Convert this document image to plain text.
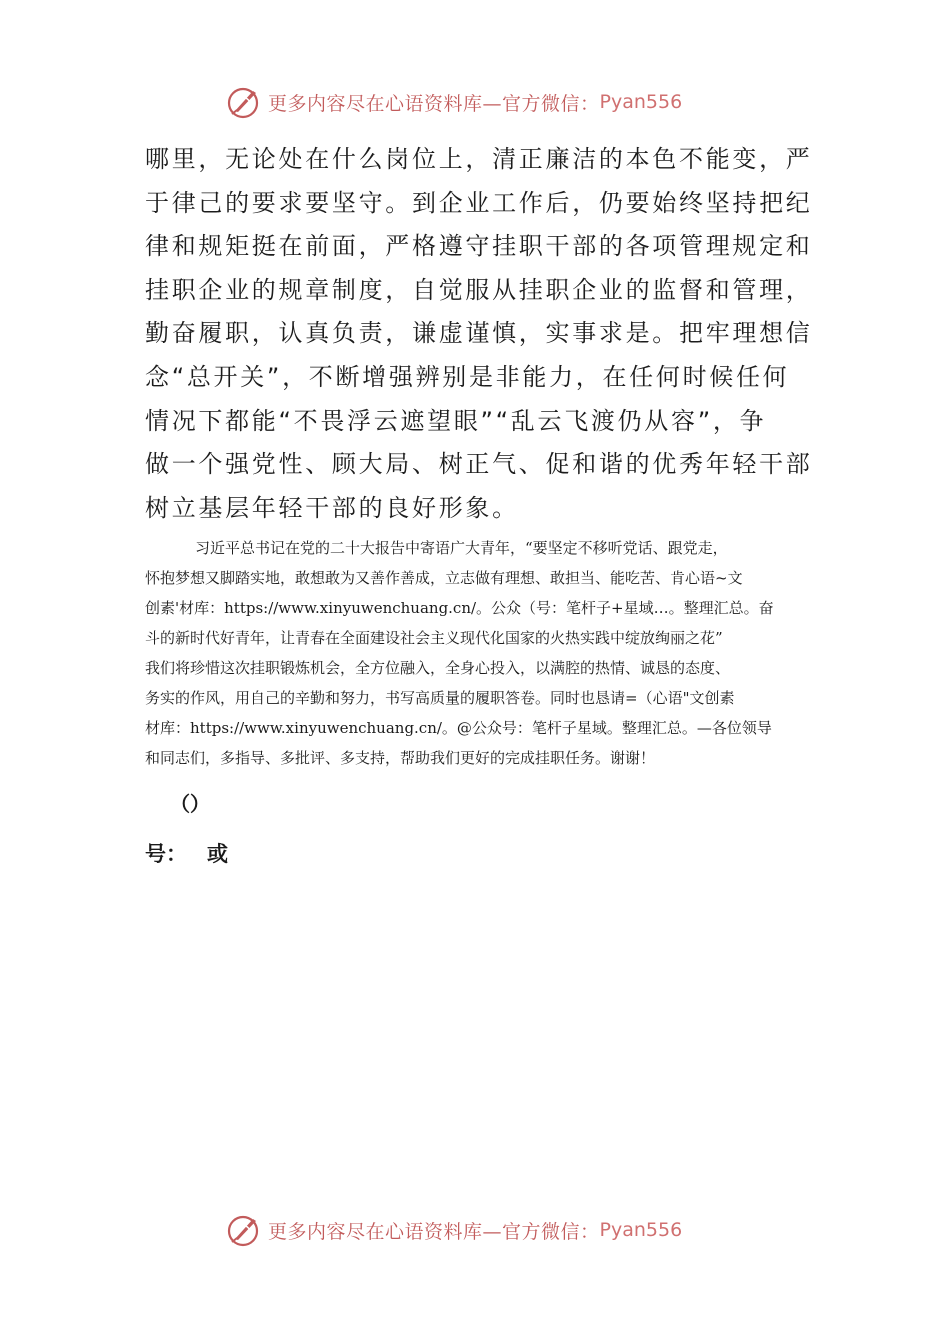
更多内容尽在心语资料库—官方微信： Pyan556
哪里，无论处在什么岗位上，清正廉洁的本色不能变，严
于律己的要求要坚守。到企业工作后，仍要始终坚持把纪
律和规矩挺在前面，严格遵守挂职干部的各项管理规定和
挂职企业的规章制度，自觉服从挂职企业的监督和管理，
勤奋履职，认真负责，谦虚谨慎，实事求是。把牢理想信
念“总开关”，不断增强辨别是非能力，在任何时候任何
情况下都能“不畏浮云遮望眼”“乱云飞渡仍从容”，争
做一个强党性、顾大局、树正气、促和谐的优秀年轻干部
树立基层年轻干部的良好形象。
习近平总书记在党的二十大报告中寄语广大青年，“要坚定不移听党话、跟党走，
怀抱梦想又脚踏实地，敢想敢为又善作善成，立志做有理想、敢担当、能吃苦、肯心语~文
创素'材库：https://www.xinyuwenchuang.cn/。公众（号：笔杆子+星域…。整理汇总。奋
斗的新时代好青年，让青春在全面建设社会主义现代化国家的火热实践中绽放绚丽之花”
我们将珍惜这次挂职锻炼机会，全方位融入，全身心投入，以满腔的热情、诚恳的态度、
务实的作风，用自己的辛勤和努力，书写高质量的履职答卷。同时也恳请=（心语"文创素
材库：https://www.xinyuwenchuang.cn/。@公众号：笔杆子星域。整理汇总。—各位领导
和同志们，多指导、多批评、多支持，帮助我们更好的完成挂职任务。谢谢！
（）
号： 或
更多内容尽在心语资料库—官方微信： Pyan556
